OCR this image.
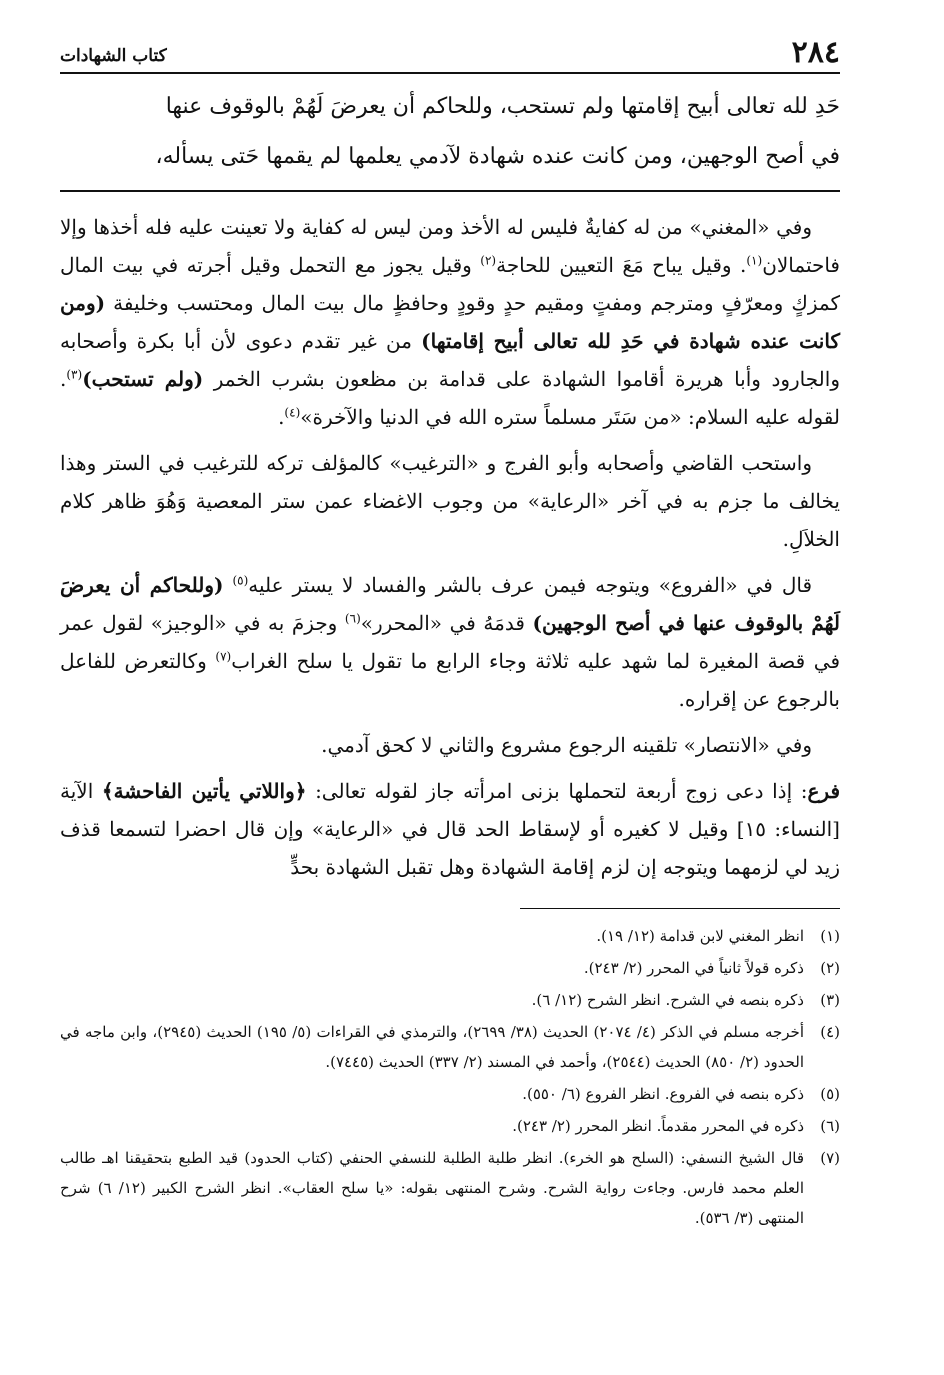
٢٨٤
كتاب الشهادات

حَدِ لله تعالى أبيح إقامتها ولم تستحب، وللحاكم أن يعرضَ لَهُمْ بالوقوف عنها

في أصح الوجهين، ومن كانت عنده شهادة لآدمي يعلمها لم يقمها حَتى يسأله،

وفي «المغني» من له كفايةٌ فليس له الأخذ ومن ليس له كفاية ولا تعينت عليه فله أخذها وإلا فاحتمالان$^{(١)}$. وقيل يباح مَعَ التعيين للحاجة$^{(٢)}$ وقيل يجوز مع التحمل وقيل أجرته في بيت المال كمزكٍ ومعرّفٍ ومترجم ومفتٍ ومقيم حدٍ وقودٍ وحافظٍ مال بيت المال ومحتسب وخليفة (ومن كانت عنده شهادة في حَدِ لله تعالى أبيح إقامتها) من غير تقدم دعوى لأن أبا بكرة وأصحابه والجارود وأبا هريرة أقاموا الشهادة على قدامة بن مظعون بشرب الخمر (ولم تستحب)$^{(٣)}$. لقوله عليه السلام: «من سَتَر مسلماً ستره الله في الدنيا والآخرة»$^{(٤)}$.

واستحب القاضي وأصحابه وأبو الفرج و «الترغيب» كالمؤلف تركه للترغيب في الستر وهذا يخالف ما جزم به في آخر «الرعاية» من وجوب الاغضاء عمن ستر المعصية وَهُوَ ظاهر كلام الخلاَلِ.

قال في «الفروع» ويتوجه فيمن عرف بالشر والفساد لا يستر عليه$^{(٥)}$ (وللحاكم أن يعرضَ لَهُمْ بالوقوف عنها في أصح الوجهين) قدمَهُ في «المحرر»$^{(٦)}$ وجزمَ به في «الوجيز» لقول عمر في قصة المغيرة لما شهد عليه ثلاثة وجاء الرابع ما تقول يا سلح الغراب$^{(٧)}$ وكالتعرض للفاعل بالرجوع عن إقراره.

وفي «الانتصار» تلقينه الرجوع مشروع والثاني لا كحق آدمي.

فرع: إذا دعى زوج أربعة لتحملها بزنى امرأته جاز لقوله تعالى: ﴿واللاتي يأتين الفاحشة﴾ الآية [النساء: ١٥] وقيل لا كغيره أو لإسقاط الحد قال في «الرعاية» وإن قال احضرا لتسمعا قذف زيد لي لزمهما ويتوجه إن لزم إقامة الشهادة وهل تقبل الشهادة بحدٍّ

(١)
انظر المغني لابن قدامة (١٢/ ١٩).
(٢)
ذكره قولاً ثانياً في المحرر (٢/ ٢٤٣).
(٣)
ذكره بنصه في الشرح. انظر الشرح (١٢/ ٦).
(٤)
أخرجه مسلم في الذكر (٤/ ٢٠٧٤) الحديث (٣٨/ ٢٦٩٩)، والترمذي في القراءات (٥/ ١٩٥) الحديث (٢٩٤٥)، وابن ماجه في الحدود (٢/ ٨٥٠) الحديث (٢٥٤٤)، وأحمد في المسند (٢/ ٣٣٧) الحديث (٧٤٤٥).
(٥)
ذكره بنصه في الفروع. انظر الفروع (٦/ ٥٥٠).
(٦)
ذكره في المحرر مقدماً. انظر المحرر (٢/ ٢٤٣).
(٧)
قال الشيخ النسفي: (السلح هو الخرء). انظر طلبة الطلبة للنسفي الحنفي (كتاب الحدود) قيد الطبع بتحقيقنا اهـ طالب العلم محمد فارس. وجاءت رواية الشرح. وشرح المنتهى بقوله: «يا سلح العقاب». انظر الشرح الكبير (١٢/ ٦) شرح المنتهى (٣/ ٥٣٦).
